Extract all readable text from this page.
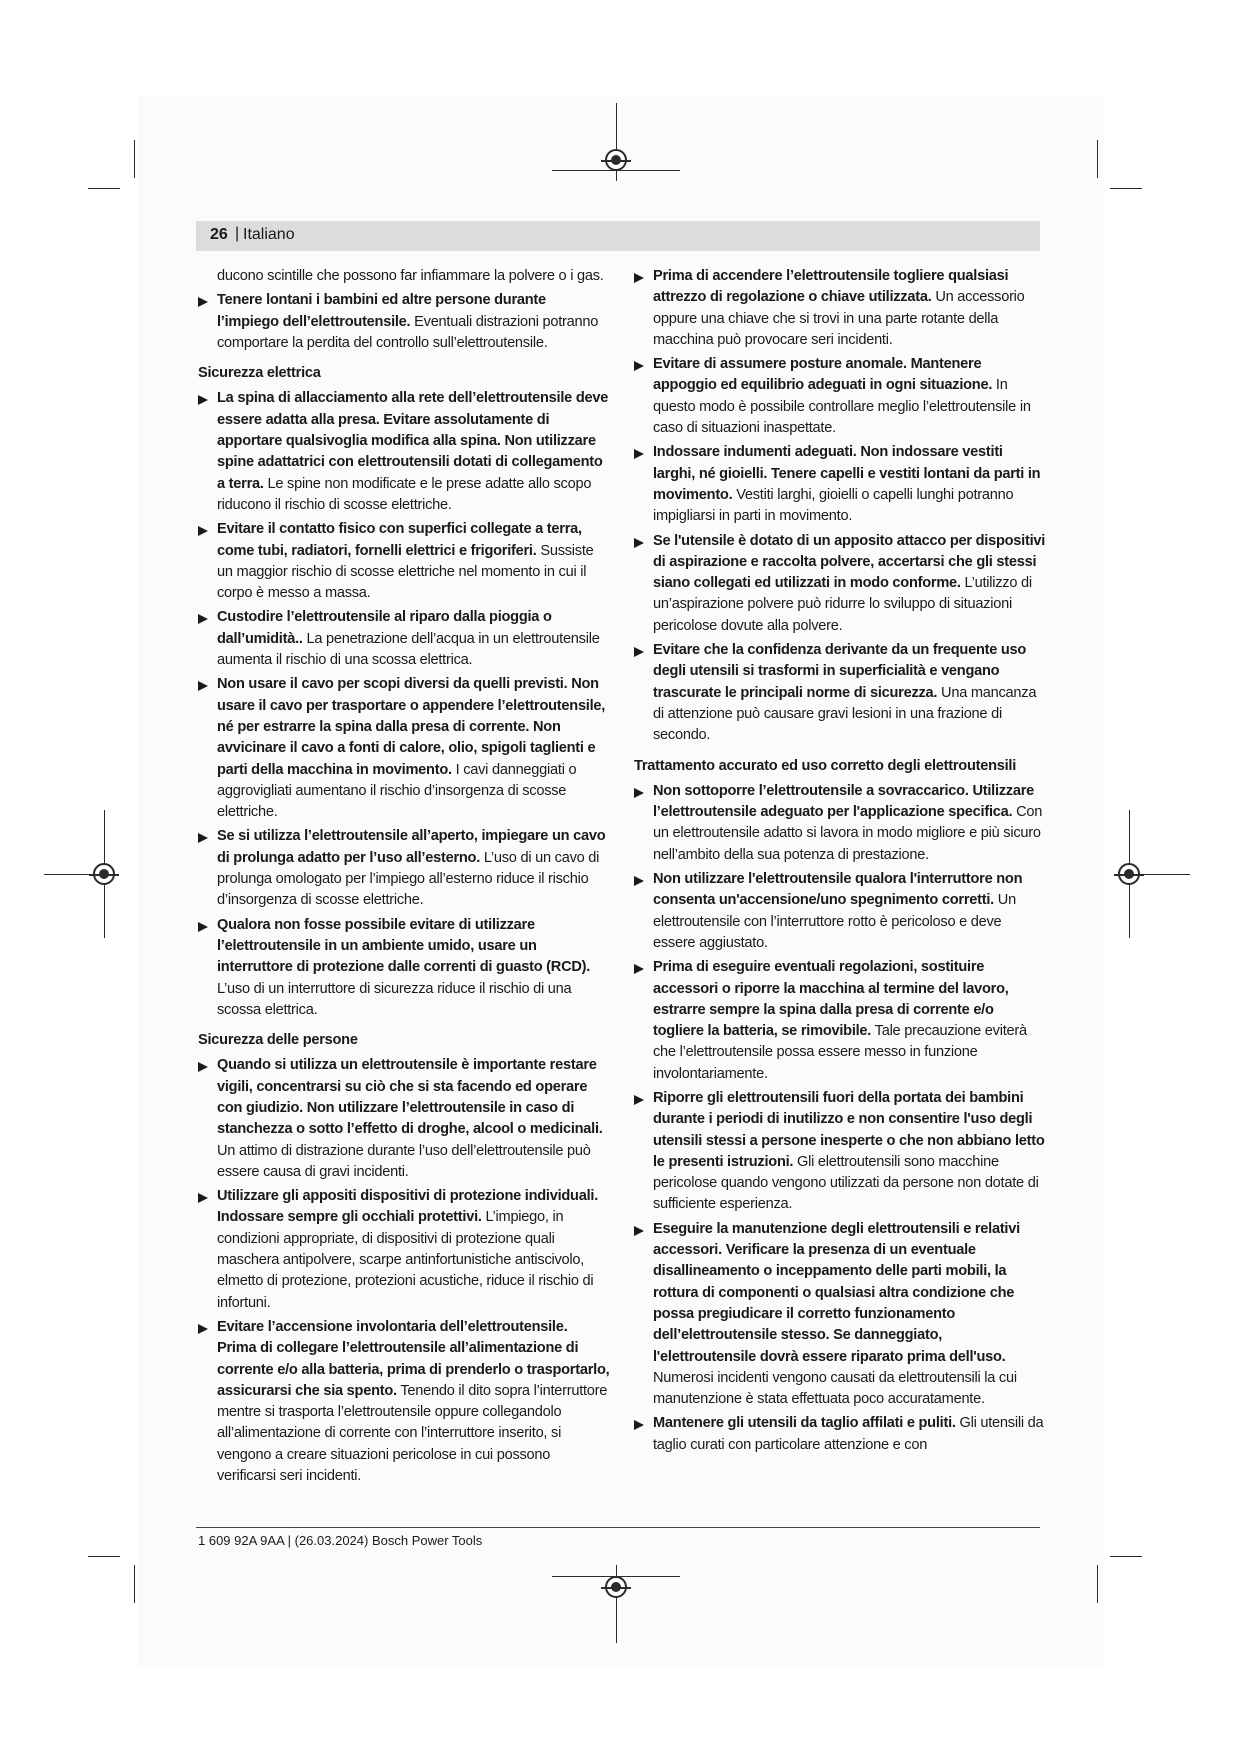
26 | Italiano

ducono scintille che possono far infiammare la polvere o i gas.

Tenere lontani i bambini ed altre persone durante l’impiego dell’elettroutensile. Eventuali distrazioni potranno comportare la perdita del controllo sull’elettroutensile.

Sicurezza elettrica

La spina di allacciamento alla rete dell’elettroutensile deve essere adatta alla presa. Evitare assolutamente di apportare qualsivoglia modifica alla spina. Non utilizzare spine adattatrici con elettroutensili dotati di collegamento a terra. Le spine non modificate e le prese adatte allo scopo riducono il rischio di scosse elettriche.

Evitare il contatto fisico con superfici collegate a terra, come tubi, radiatori, fornelli elettrici e frigoriferi. Sussiste un maggior rischio di scosse elettriche nel momento in cui il corpo è messo a massa.

Custodire l’elettroutensile al riparo dalla pioggia o dall’umidità.. La penetrazione dell’acqua in un elettroutensile aumenta il rischio di una scossa elettrica.

Non usare il cavo per scopi diversi da quelli previsti. Non usare il cavo per trasportare o appendere l’elettroutensile, né per estrarre la spina dalla presa di corrente. Non avvicinare il cavo a fonti di calore, olio, spigoli taglienti e parti della macchina in movimento. I cavi danneggiati o aggrovigliati aumentano il rischio d’insorgenza di scosse elettriche.

Se si utilizza l’elettroutensile all’aperto, impiegare un cavo di prolunga adatto per l’uso all’esterno. L’uso di un cavo di prolunga omologato per l’impiego all’esterno riduce il rischio d’insorgenza di scosse elettriche.

Qualora non fosse possibile evitare di utilizzare l’elettroutensile in un ambiente umido, usare un interruttore di protezione dalle correnti di guasto (RCD). L’uso di un interruttore di sicurezza riduce il rischio di una scossa elettrica.

Sicurezza delle persone

Quando si utilizza un elettroutensile è importante restare vigili, concentrarsi su ciò che si sta facendo ed operare con giudizio. Non utilizzare l’elettroutensile in caso di stanchezza o sotto l’effetto di droghe, alcool o medicinali. Un attimo di distrazione durante l’uso dell’elettroutensile può essere causa di gravi incidenti.

Utilizzare gli appositi dispositivi di protezione individuali. Indossare sempre gli occhiali protettivi. L’impiego, in condizioni appropriate, di dispositivi di protezione quali maschera antipolvere, scarpe antinfortunistiche antiscivolo, elmetto di protezione, protezioni acustiche, riduce il rischio di infortuni.

Evitare l’accensione involontaria dell’elettroutensile. Prima di collegare l’elettroutensile all’alimentazione di corrente e/o alla batteria, prima di prenderlo o trasportarlo, assicurarsi che sia spento. Tenendo il dito sopra l’interruttore mentre si trasporta l’elettroutensile oppure collegandolo all’alimentazione di corrente con l’interruttore inserito, si vengono a creare situazioni pericolose in cui possono verificarsi seri incidenti.

Prima di accendere l’elettroutensile togliere qualsiasi attrezzo di regolazione o chiave utilizzata. Un accessorio oppure una chiave che si trovi in una parte rotante della macchina può provocare seri incidenti.

Evitare di assumere posture anomale. Mantenere appoggio ed equilibrio adeguati in ogni situazione. In questo modo è possibile controllare meglio l’elettroutensile in caso di situazioni inaspettate.

Indossare indumenti adeguati. Non indossare vestiti larghi, né gioielli. Tenere capelli e vestiti lontani da parti in movimento. Vestiti larghi, gioielli o capelli lunghi potranno impigliarsi in parti in movimento.

Se l'utensile è dotato di un apposito attacco per dispositivi di aspirazione e raccolta polvere, accertarsi che gli stessi siano collegati ed utilizzati in modo conforme. L’utilizzo di un’aspirazione polvere può ridurre lo sviluppo di situazioni pericolose dovute alla polvere.

Evitare che la confidenza derivante da un frequente uso degli utensili si trasformi in superficialità e vengano trascurate le principali norme di sicurezza. Una mancanza di attenzione può causare gravi lesioni in una frazione di secondo.

Trattamento accurato ed uso corretto degli elettroutensili

Non sottoporre l’elettroutensile a sovraccarico. Utilizzare l’elettroutensile adeguato per l'applicazione specifica. Con un elettroutensile adatto si lavora in modo migliore e più sicuro nell’ambito della sua potenza di prestazione.

Non utilizzare l'elettroutensile qualora l'interruttore non consenta un'accensione/uno spegnimento corretti. Un elettroutensile con l’interruttore rotto è pericoloso e deve essere aggiustato.

Prima di eseguire eventuali regolazioni, sostituire accessori o riporre la macchina al termine del lavoro, estrarre sempre la spina dalla presa di corrente e/o togliere la batteria, se rimovibile. Tale precauzione eviterà che l’elettroutensile possa essere messo in funzione involontariamente.

Riporre gli elettroutensili fuori della portata dei bambini durante i periodi di inutilizzo e non consentire l'uso degli utensili stessi a persone inesperte o che non abbiano letto le presenti istruzioni. Gli elettroutensili sono macchine pericolose quando vengono utilizzati da persone non dotate di sufficiente esperienza.

Eseguire la manutenzione degli elettroutensili e relativi accessori. Verificare la presenza di un eventuale disallineamento o inceppamento delle parti mobili, la rottura di componenti o qualsiasi altra condizione che possa pregiudicare il corretto funzionamento dell’elettroutensile stesso. Se danneggiato, l'elettroutensile dovrà essere riparato prima dell'uso. Numerosi incidenti vengono causati da elettroutensili la cui manutenzione è stata effettuata poco accuratamente.

Mantenere gli utensili da taglio affilati e puliti. Gli utensili da taglio curati con particolare attenzione e con

1 609 92A 9AA | (26.03.2024) Bosch Power Tools
